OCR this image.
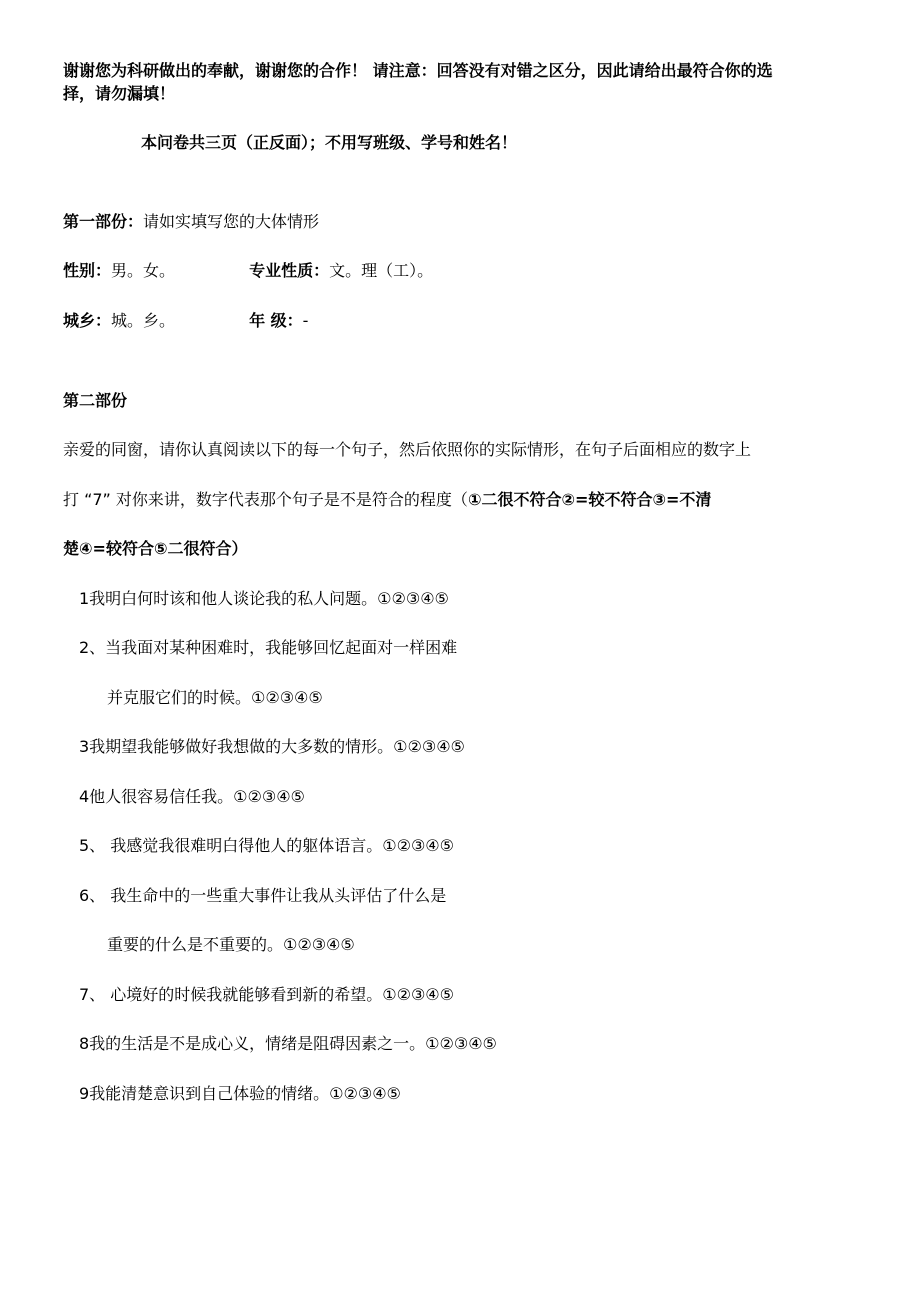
谢谢您为科研做出的奉献，谢谢您的合作！ 请注意：回答没有对错之区分，因此请给出最符合你的选
择，请勿漏填！
本问卷共三页（正反面）；不用写班级、学号和姓名！
第一部份：请如实填写您的大体情形
性别：男。女。	专业性质：文。理（工）。
城乡：城。乡。	年 级：-
第二部份
亲爱的同窗，请你认真阅读以下的每一个句子，然后依照你的实际情形，在句子后面相应的数字上
打 “7” 对你来讲，数字代表那个句子是不是符合的程度（①二很不符合②=较不符合③=不清
楚④=较符合⑤二很符合）
1我明白何时该和他人谈论我的私人问题。①②③④⑤
2、当我面对某种困难时，我能够回忆起面对一样困难
并克服它们的时候。①②③④⑤
3我期望我能够做好我想做的大多数的情形。①②③④⑤
4他人很容易信任我。①②③④⑤
5、 我感觉我很难明白得他人的躯体语言。①②③④⑤
6、 我生命中的一些重大事件让我从头评估了什么是
重要的什么是不重要的。①②③④⑤
7、 心境好的时候我就能够看到新的希望。①②③④⑤
8我的生活是不是成心义，情绪是阻碍因素之一。①②③④⑤
9我能清楚意识到自己体验的情绪。①②③④⑤
